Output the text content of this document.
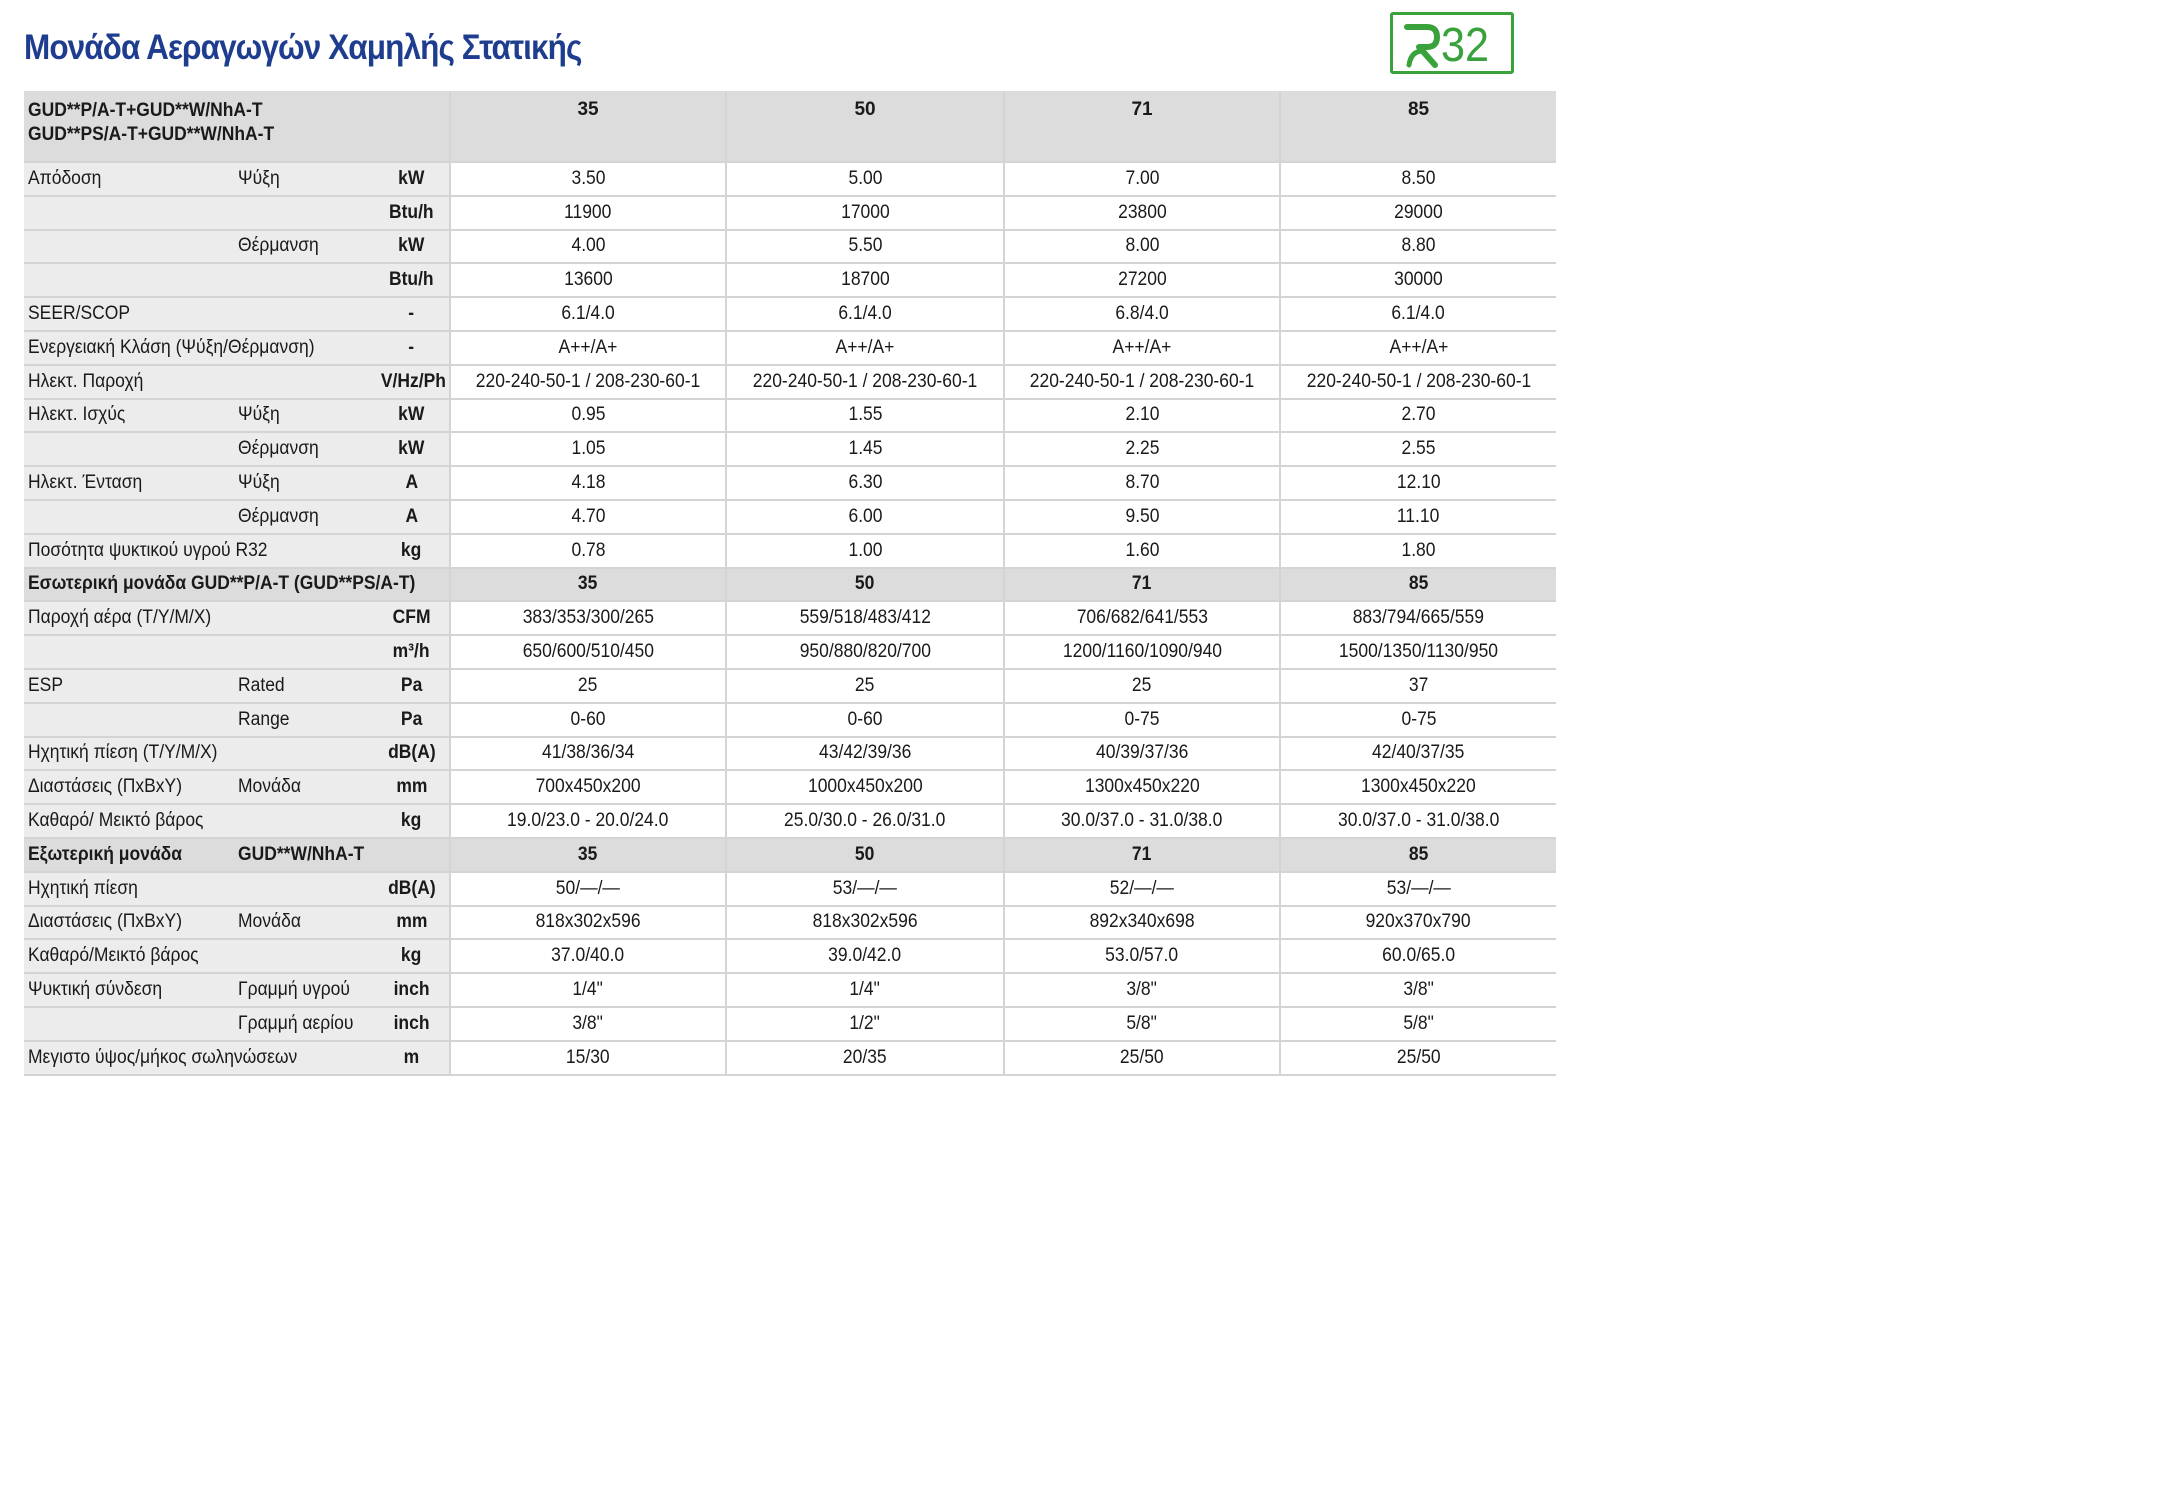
Μονάδα Αεραγωγών Χαμηλής Στατικής	32
GUD**P/A-T+GUD**W/NhA-T
GUD**PS/A-T+GUD**W/NhA-T			35	50	71	85
Απόδοση	Ψύξη	kW	3.50	5.00	7.00	8.50
		Btu/h	11900	17000	23800	29000
	Θέρμανση	kW	4.00	5.50	8.00	8.80
		Btu/h	13600	18700	27200	30000
SEER/SCOP		-	6.1/4.0	6.1/4.0	6.8/4.0	6.1/4.0
Ενεργειακή Κλάση (Ψύξη/Θέρμανση)		-	A++/A+	A++/A+	A++/A+	A++/A+
Ηλεκτ. Παροχή		V/Hz/Ph	220-240-50-1 / 208-230-60-1	220-240-50-1 / 208-230-60-1	220-240-50-1 / 208-230-60-1	220-240-50-1 / 208-230-60-1
Ηλεκτ. Ισχύς	Ψύξη	kW	0.95	1.55	2.10	2.70
	Θέρμανση	kW	1.05	1.45	2.25	2.55
Ηλεκτ. Ένταση	Ψύξη	A	4.18	6.30	8.70	12.10
	Θέρμανση	A	4.70	6.00	9.50	11.10
Ποσότητα ψυκτικού υγρού R32		kg	0.78	1.00	1.60	1.80
Εσωτερική μονάδα GUD**P/A-T (GUD**PS/A-T)			35	50	71	85
Παροχή αέρα (Τ/Υ/Μ/Χ)		CFM	383/353/300/265	559/518/483/412	706/682/641/553	883/794/665/559
		m³/h	650/600/510/450	950/880/820/700	1200/1160/1090/940	1500/1350/1130/950
ESP	Rated	Pa	25	25	25	37
	Range	Pa	0-60	0-60	0-75	0-75
Ηχητική πίεση (Τ/Υ/Μ/Χ)		dB(A)	41/38/36/34	43/42/39/36	40/39/37/36	42/40/37/35
Διαστάσεις (ΠxΒxΥ)	Μονάδα	mm	700x450x200	1000x450x200	1300x450x220	1300x450x220
Καθαρό/ Μεικτό βάρος		kg	19.0/23.0 - 20.0/24.0	25.0/30.0 - 26.0/31.0	30.0/37.0 - 31.0/38.0	30.0/37.0 - 31.0/38.0
Εξωτερική μονάδα	GUD**W/NhA-T		35	50	71	85
Ηχητική πίεση		dB(A)	50/—/—	53/—/—	52/—/—	53/—/—
Διαστάσεις (ΠxΒxΥ)	Μονάδα	mm	818x302x596	818x302x596	892x340x698	920x370x790
Καθαρό/Μεικτό βάρος		kg	37.0/40.0	39.0/42.0	53.0/57.0	60.0/65.0
Ψυκτική σύνδεση	Γραμμή υγρού	inch	1/4"	1/4"	3/8"	3/8"
	Γραμμή αερίου	inch	3/8"	1/2"	5/8"	5/8"
Μεγιστο ύψος/μήκος σωληνώσεων		m	15/30	20/35	25/50	25/50
